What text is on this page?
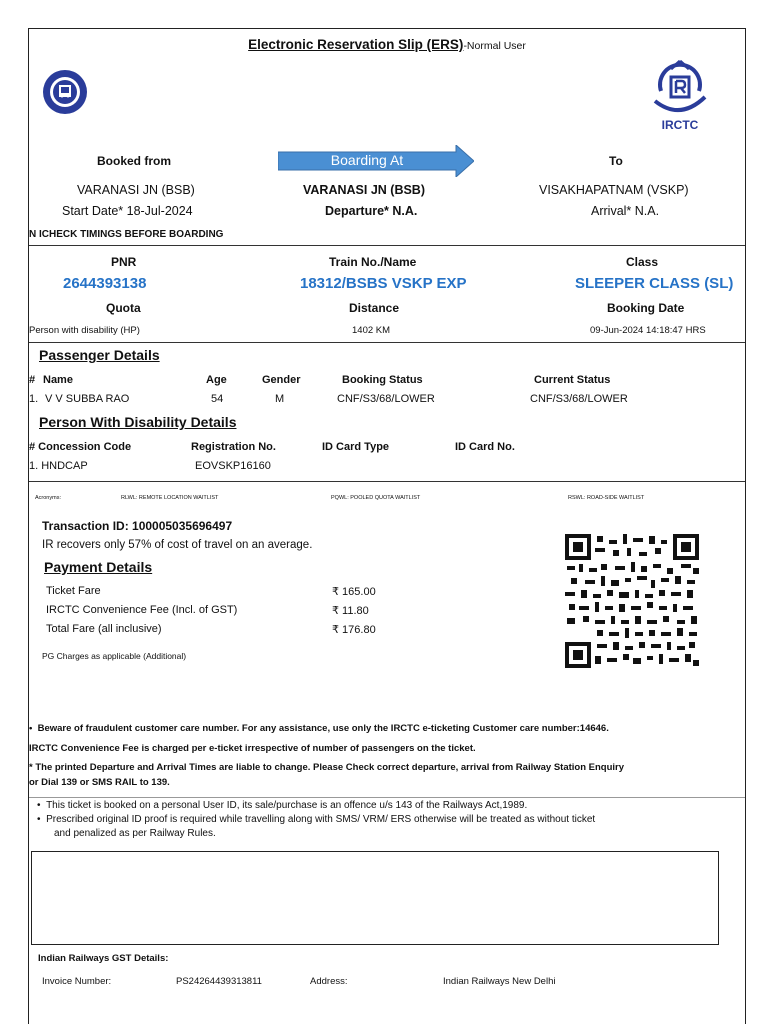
Electronic Reservation Slip (ERS)-Normal User
IRCTC
Booked from	Boarding At	To
VARANASI JN (BSB)	VARANASI JN (BSB)	VISAKHAPATNAM (VSKP)
Start Date* 18-Jul-2024	Departure* N.A.	Arrival* N.A.
N ICHECK TIMINGS BEFORE BOARDING
PNR	Train No./Name	Class
2644393138	18312/BSBS VSKP EXP	SLEEPER CLASS (SL)
Quota	Distance	Booking Date
Person with disability (HP)	1402 KM	09-Jun-2024 14:18:47 HRS
Passenger Details
# Name	Age	Gender	Booking Status	Current Status
1. V V SUBBA RAO	54	M	CNF/S3/68/LOWER	CNF/S3/68/LOWER
Person With Disability Details
# Concession Code	Registration No.	ID Card Type	ID Card No.
1. HNDCAP	EOVSKP16160
Acronyms:	RLWL: REMOTE LOCATION WAITLIST	PQWL: POOLED QUOTA WAITLIST	RSWL: ROAD-SIDE WAITLIST
Transaction ID: 100005035696497
IR recovers only 57% of cost of travel on an average.
Payment Details
Ticket Fare	₹ 165.00
IRCTC Convenience Fee (Incl. of GST)	₹ 11.80
Total Fare (all inclusive)	₹ 176.80
PG Charges as applicable (Additional)
•  Beware of fraudulent customer care number. For any assistance, use only the IRCTC e-ticketing Customer care number:14646.
IRCTC Convenience Fee is charged per e-ticket irrespective of number of passengers on the ticket.
* The printed Departure and Arrival Times are liable to change. Please Check correct departure, arrival from Railway Station Enquiry
or Dial 139 or SMS RAIL to 139.
•  This ticket is booked on a personal User ID, its sale/purchase is an offence u/s 143 of the Railways Act,1989.
•  Prescribed original ID proof is required while travelling along with SMS/ VRM/ ERS otherwise will be treated as without ticket
and penalized as per Railway Rules.
Indian Railways GST Details:
Invoice Number:	PS24264439313811	Address:	Indian Railways New Delhi
